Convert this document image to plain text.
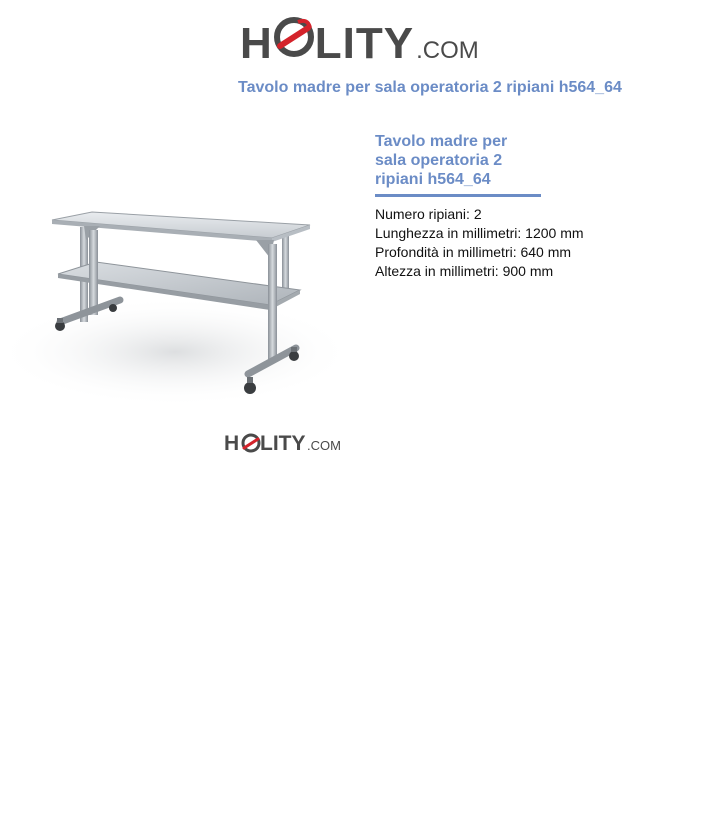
H LITY .COM
Tavolo madre per sala operatoria 2 ripiani h564_64
H LITY .COM
Tavolo madre per sala operatoria 2 ripiani h564_64
Numero ripiani: 2
Lunghezza in millimetri: 1200 mm
Profondità in millimetri: 640 mm
Altezza in millimetri: 900 mm
